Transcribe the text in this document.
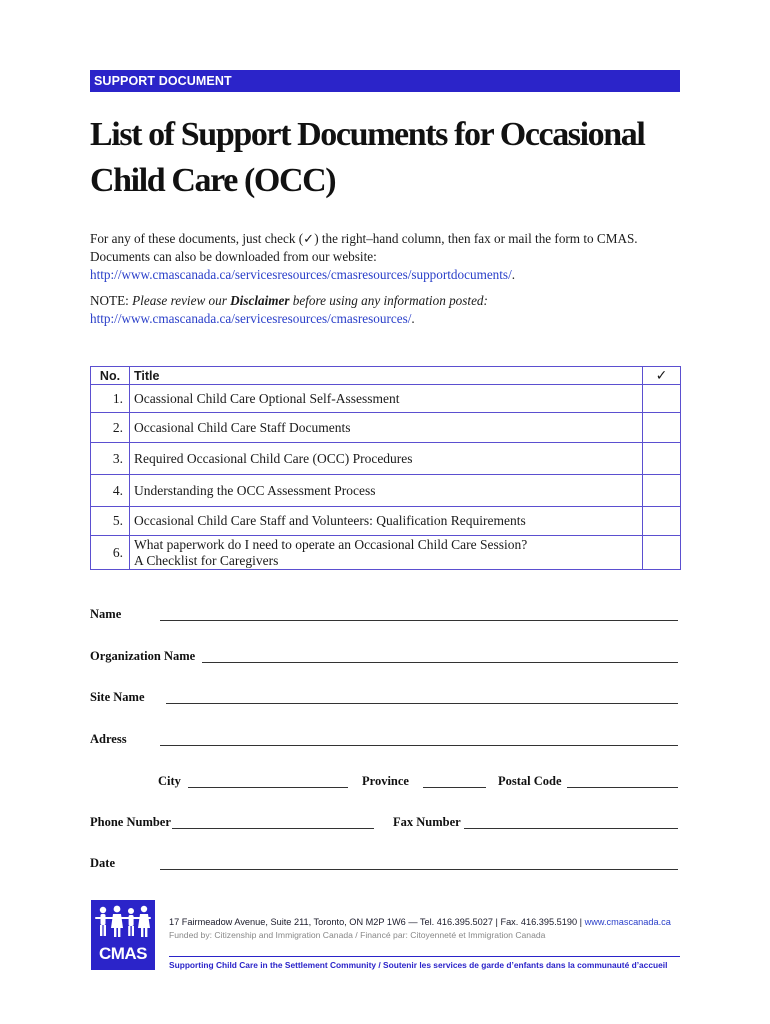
SUPPORT DOCUMENT
List of Support Documents for Occasional
Child Care (OCC)
For any of these documents, just check (✓) the right–hand column, then fax or mail the form to CMAS.
Documents can also be downloaded from our website:
http://www.cmascanada.ca/servicesresources/cmasresources/supportdocuments/.
NOTE: Please review our Disclaimer before using any information posted:
http://www.cmascanada.ca/servicesresources/cmasresources/.
No.	Title	✓
1.	Ocassional Child Care Optional Self-Assessment	
2.	Occasional Child Care Staff Documents	
3.	Required Occasional Child Care (OCC) Procedures	
4.	Understanding the OCC Assessment Process	
5.	Occasional Child Care Staff and Volunteers: Qualification Requirements	
6.	What paperwork do I need to operate an Occasional Child Care Session?
A Checklist for Caregivers	

Name
Organization Name
Site Name
Adress
City	Province	Postal Code
Phone Number	Fax Number
Date
CMAS
17 Fairmeadow Avenue, Suite 211, Toronto, ON M2P 1W6 — Tel. 416.395.5027 | Fax. 416.395.5190 | www.cmascanada.ca
Funded by: Citizenship and Immigration Canada / Financé par: Citoyenneté et Immigration Canada
Supporting Child Care in the Settlement Community / Soutenir les services de garde d’enfants dans la communauté d’accueil
